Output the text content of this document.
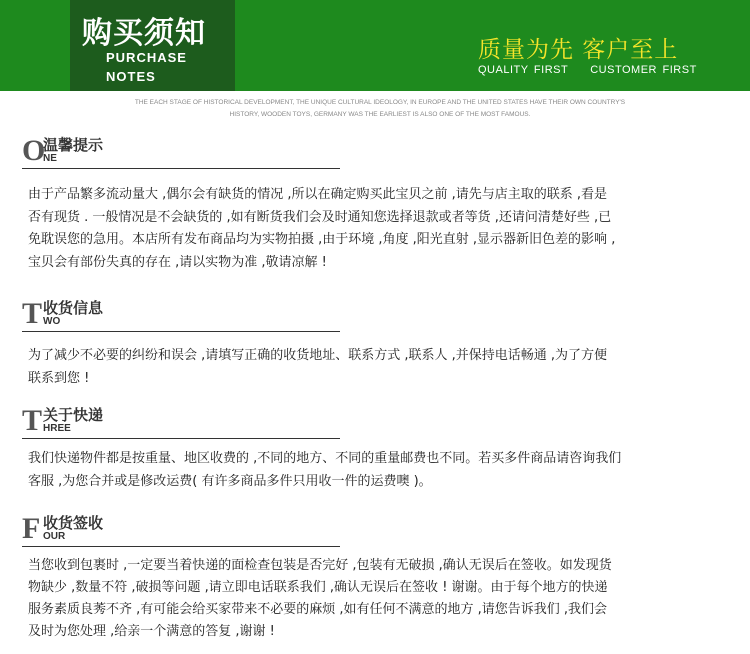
购买须知
PURCHASE
NOTES
质量为先 客户至上
QUALITY FIRST    CUSTOMER FIRST
THE EACH STAGE OF HISTORICAL DEVELOPMENT, THE UNIQUE CULTURAL IDEOLOGY, IN EUROPE AND THE UNITED STATES HAVE THEIR OWN COUNTRY'S
HISTORY, WOODEN TOYS, GERMANY WAS THE EARLIEST IS ALSO ONE OF THE MOST FAMOUS.
O
温馨提示
NE

由于产品繁多流动量大 ,偶尔会有缺货的情况 ,所以在确定购买此宝贝之前 ,请先与店主取的联系 ,看是

否有现货 . 一般情况是不会缺货的 ,如有断货我们会及时通知您选择退款或者等货 ,还请问清楚好些 ,已

免耽误您的急用。本店所有发布商品均为实物拍摄 ,由于环境 ,角度 ,阳光直射 ,显示器新旧色差的影响 ,

宝贝会有部份失真的存在 ,请以实物为准 ,敬请凉解 !

T 收货信息
WO

为了减少不必要的纠纷和误会 ,请填写正确的收货地址、联系方式 ,联系人 ,并保持电话畅通 ,为了方便

联系到您 !

T 关于快递
HREE

我们快递物件都是按重量、地区收费的 ,不同的地方、不同的重量邮费也不同。若买多件商品请咨询我们

客服 ,为您合并或是修改运费( 有许多商品多件只用收一件的运费噢 )。

F 收货签收
OUR

当您收到包裹时 ,一定要当着快递的面检查包装是否完好 ,包装有无破损 ,确认无误后在签收。如发现货

物缺少 ,数量不符 ,破损等问题 ,请立即电话联系我们 ,确认无误后在签收 ! 谢谢。由于每个地方的快递

服务素质良莠不齐 ,有可能会给买家带来不必要的麻烦 ,如有任何不满意的地方 ,请您告诉我们 ,我们会

及时为您处理 ,给亲一个满意的答复 ,谢谢 !
